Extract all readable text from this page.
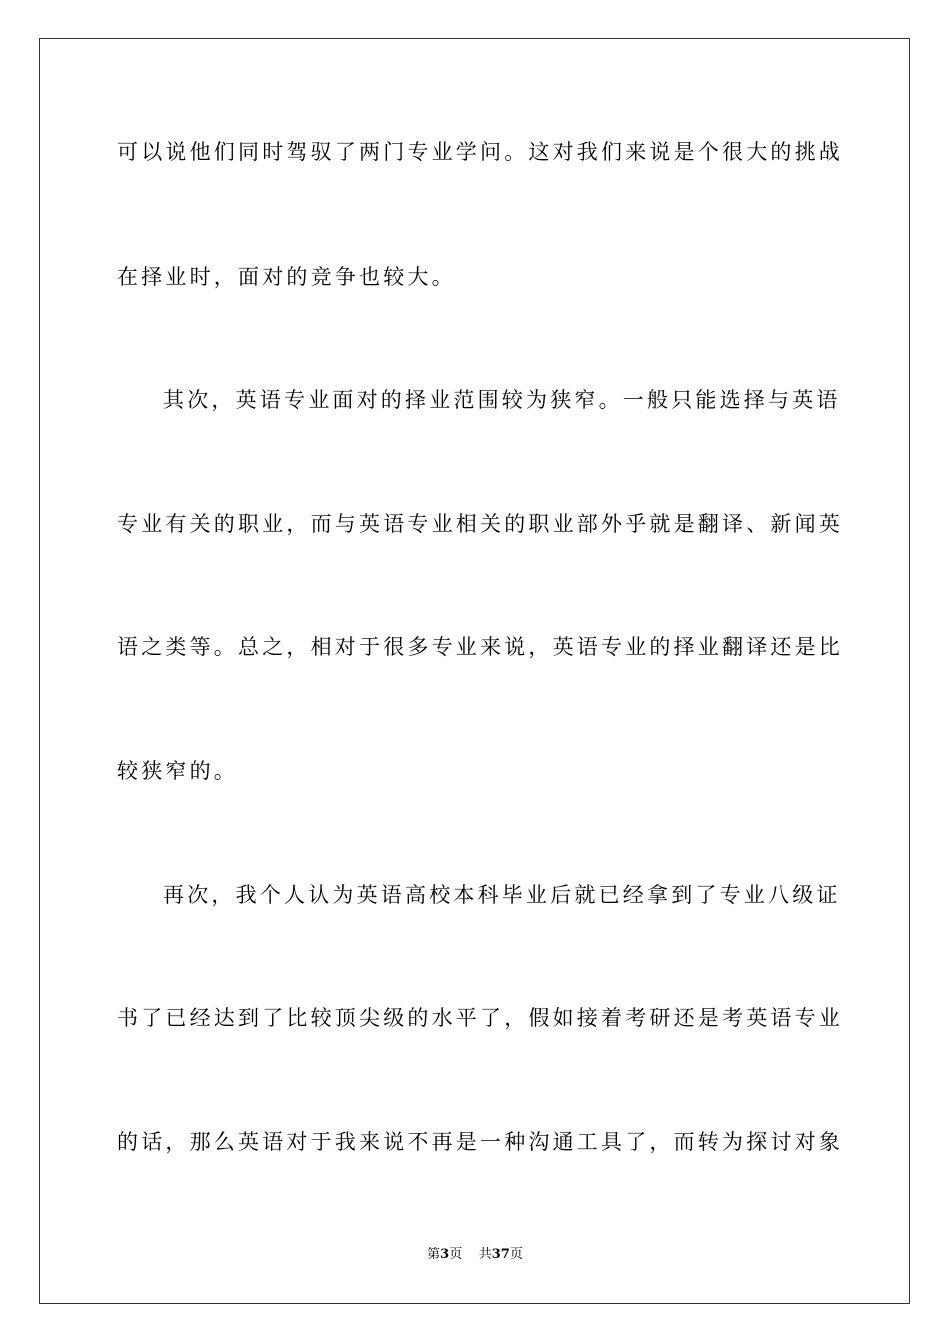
可以说他们同时驾驭了两门专业学问。这对我们来说是个很大的挑战
在择业时，面对的竞争也较大。
其次，英语专业面对的择业范围较为狭窄。一般只能选择与英语
专业有关的职业，而与英语专业相关的职业部外乎就是翻译、新闻英
语之类等。总之，相对于很多专业来说，英语专业的择业翻译还是比
较狭窄的。
再次，我个人认为英语高校本科毕业后就已经拿到了专业八级证
书了已经达到了比较顶尖级的水平了，假如接着考研还是考英语专业
的话，那么英语对于我来说不再是一种沟通工具了，而转为探讨对象
第3页 共37页
